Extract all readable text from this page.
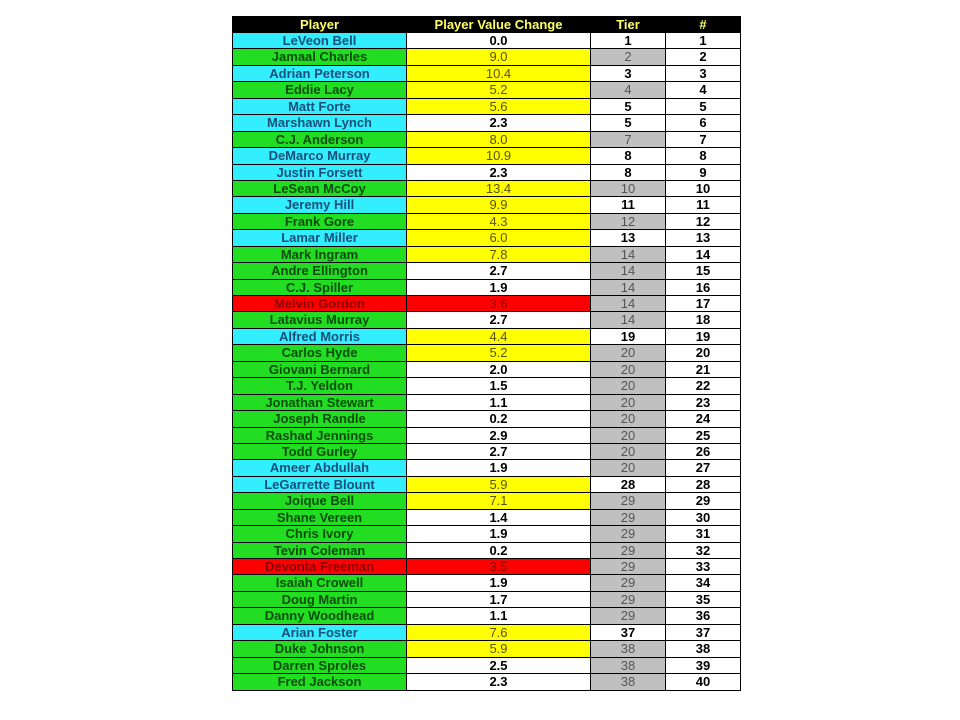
Player	Player Value Change	Tier	#
LeVeon Bell	0.0	1	1
Jamaal Charles	9.0	2	2
Adrian Peterson	10.4	3	3
Eddie Lacy	5.2	4	4
Matt Forte	5.6	5	5
Marshawn Lynch	2.3	5	6
C.J. Anderson	8.0	7	7
DeMarco Murray	10.9	8	8
Justin Forsett	2.3	8	9
LeSean McCoy	13.4	10	10
Jeremy Hill	9.9	11	11
Frank Gore	4.3	12	12
Lamar Miller	6.0	13	13
Mark Ingram	7.8	14	14
Andre Ellington	2.7	14	15
C.J. Spiller	1.9	14	16
Melvin Gordon	3.6	14	17
Latavius Murray	2.7	14	18
Alfred Morris	4.4	19	19
Carlos Hyde	5.2	20	20
Giovani Bernard	2.0	20	21
T.J. Yeldon	1.5	20	22
Jonathan Stewart	1.1	20	23
Joseph Randle	0.2	20	24
Rashad Jennings	2.9	20	25
Todd Gurley	2.7	20	26
Ameer Abdullah	1.9	20	27
LeGarrette Blount	5.9	28	28
Joique Bell	7.1	29	29
Shane Vereen	1.4	29	30
Chris Ivory	1.9	29	31
Tevin Coleman	0.2	29	32
Devonta Freeman	3.5	29	33
Isaiah Crowell	1.9	29	34
Doug Martin	1.7	29	35
Danny Woodhead	1.1	29	36
Arian Foster	7.6	37	37
Duke Johnson	5.9	38	38
Darren Sproles	2.5	38	39
Fred Jackson	2.3	38	40
